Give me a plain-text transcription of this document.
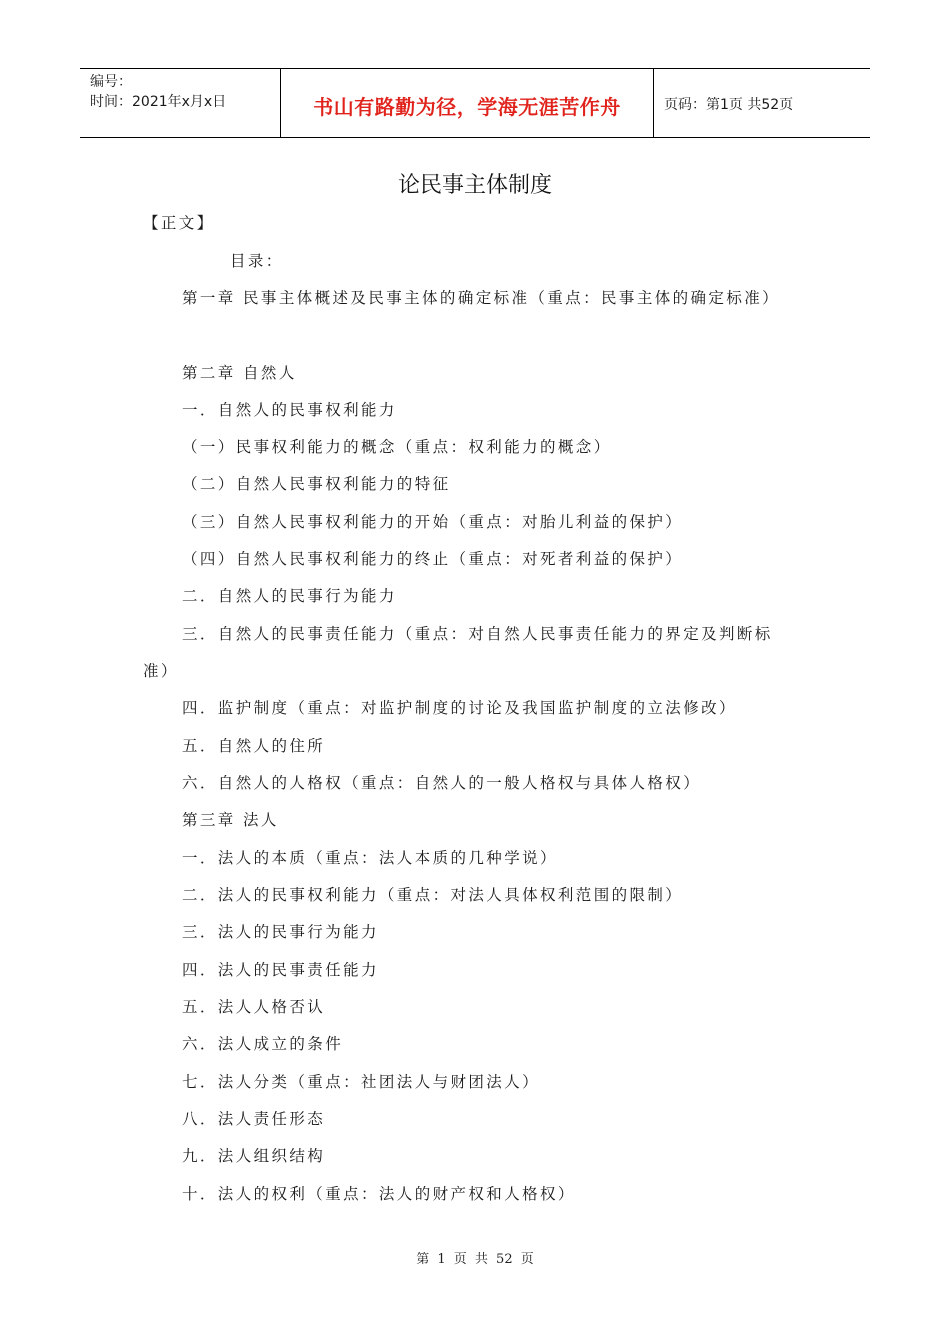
编号：
时间：2021年x月x日	书山有路勤为径，学海无涯苦作舟	页码：第1页 共52页
论民事主体制度
【正文】
目录：
第一章 民事主体概述及民事主体的确定标准（重点：民事主体的确定标准）
第二章 自然人
一．自然人的民事权利能力
（一）民事权利能力的概念（重点：权利能力的概念）
（二）自然人民事权利能力的特征
（三）自然人民事权利能力的开始（重点：对胎儿利益的保护）
（四）自然人民事权利能力的终止（重点：对死者利益的保护）
二．自然人的民事行为能力
三．自然人的民事责任能力（重点：对自然人民事责任能力的界定及判断标
准）
四．监护制度（重点：对监护制度的讨论及我国监护制度的立法修改）
五．自然人的住所
六．自然人的人格权（重点：自然人的一般人格权与具体人格权）
第三章 法人
一．法人的本质（重点：法人本质的几种学说）
二．法人的民事权利能力（重点：对法人具体权利范围的限制）
三．法人的民事行为能力
四．法人的民事责任能力
五．法人人格否认
六．法人成立的条件
七．法人分类（重点：社团法人与财团法人）
八．法人责任形态
九．法人组织结构
十．法人的权利（重点：法人的财产权和人格权）
第 1 页 共 52 页
